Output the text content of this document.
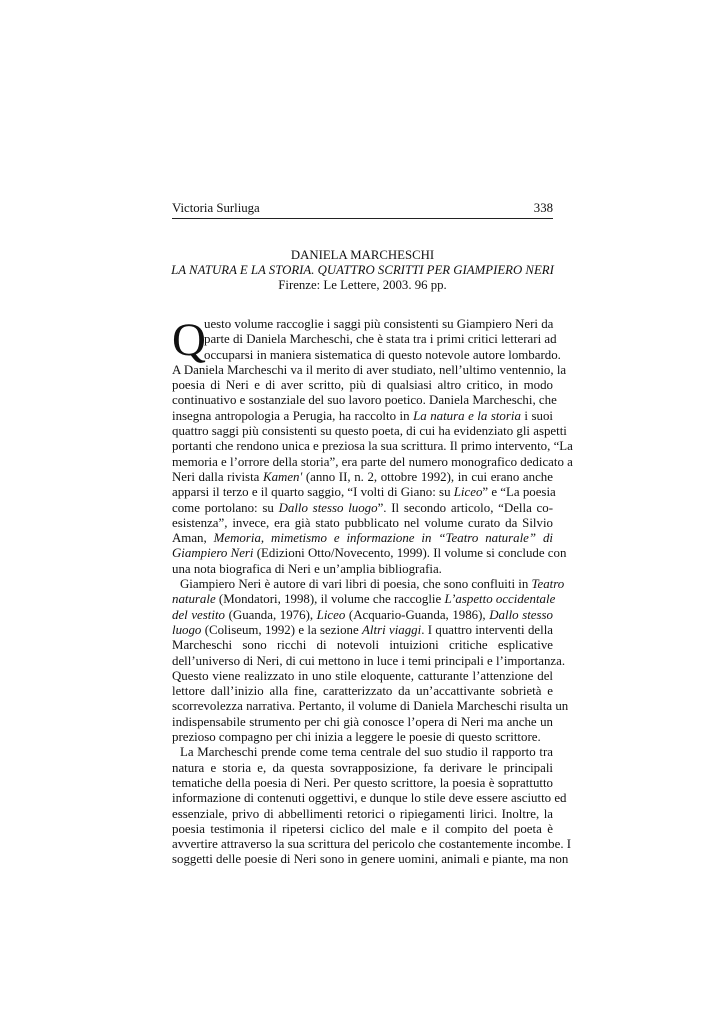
Victoria Surliuga	338
DANIELA MARCHESCHI
LA NATURA E LA STORIA. QUATTRO SCRITTI PER GIAMPIERO NERI
Firenze: Le Lettere, 2003. 96 pp.
Q
uesto volume raccoglie i saggi più consistenti su Giampiero Neri da
parte di Daniela Marcheschi, che è stata tra i primi critici letterari ad
occuparsi in maniera sistematica di questo notevole autore lombardo.
A Daniela Marcheschi va il merito di aver studiato, nell’ultimo ventennio, la
poesia di Neri e di aver scritto, più di qualsiasi altro critico, in modo
continuativo e sostanziale del suo lavoro poetico. Daniela Marcheschi, che
insegna antropologia a Perugia, ha raccolto in La natura e la storia i suoi
quattro saggi più consistenti su questo poeta, di cui ha evidenziato gli aspetti
portanti che rendono unica e preziosa la sua scrittura. Il primo intervento, “La
memoria e l’orrore della storia”, era parte del numero monografico dedicato a
Neri dalla rivista Kamen' (anno II, n. 2, ottobre 1992), in cui erano anche
apparsi il terzo e il quarto saggio, “I volti di Giano: su Liceo” e “La poesia
come portolano: su Dallo stesso luogo”. Il secondo articolo, “Della co-
esistenza”, invece, era già stato pubblicato nel volume curato da Silvio
Aman, Memoria, mimetismo e informazione in “Teatro naturale” di
Giampiero Neri (Edizioni Otto/Novecento, 1999). Il volume si conclude con
una nota biografica di Neri e un’amplia bibliografia.
Giampiero Neri è autore di vari libri di poesia, che sono confluiti in Teatro
naturale (Mondatori, 1998), il volume che raccoglie L’aspetto occidentale
del vestito (Guanda, 1976), Liceo (Acquario-Guanda, 1986), Dallo stesso
luogo (Coliseum, 1992) e la sezione Altri viaggi. I quattro interventi della
Marcheschi sono ricchi di notevoli intuizioni critiche esplicative
dell’universo di Neri, di cui mettono in luce i temi principali e l’importanza.
Questo viene realizzato in uno stile eloquente, catturante l’attenzione del
lettore dall’inizio alla fine, caratterizzato da un’accattivante sobrietà e
scorrevolezza narrativa. Pertanto, il volume di Daniela Marcheschi risulta un
indispensabile strumento per chi già conosce l’opera di Neri ma anche un
prezioso compagno per chi inizia a leggere le poesie di questo scrittore.
La Marcheschi prende come tema centrale del suo studio il rapporto tra
natura e storia e, da questa sovrapposizione, fa derivare le principali
tematiche della poesia di Neri. Per questo scrittore, la poesia è soprattutto
informazione di contenuti oggettivi, e dunque lo stile deve essere asciutto ed
essenziale, privo di abbellimenti retorici o ripiegamenti lirici. Inoltre, la
poesia testimonia il ripetersi ciclico del male e il compito del poeta è
avvertire attraverso la sua scrittura del pericolo che costantemente incombe. I
soggetti delle poesie di Neri sono in genere uomini, animali e piante, ma non
